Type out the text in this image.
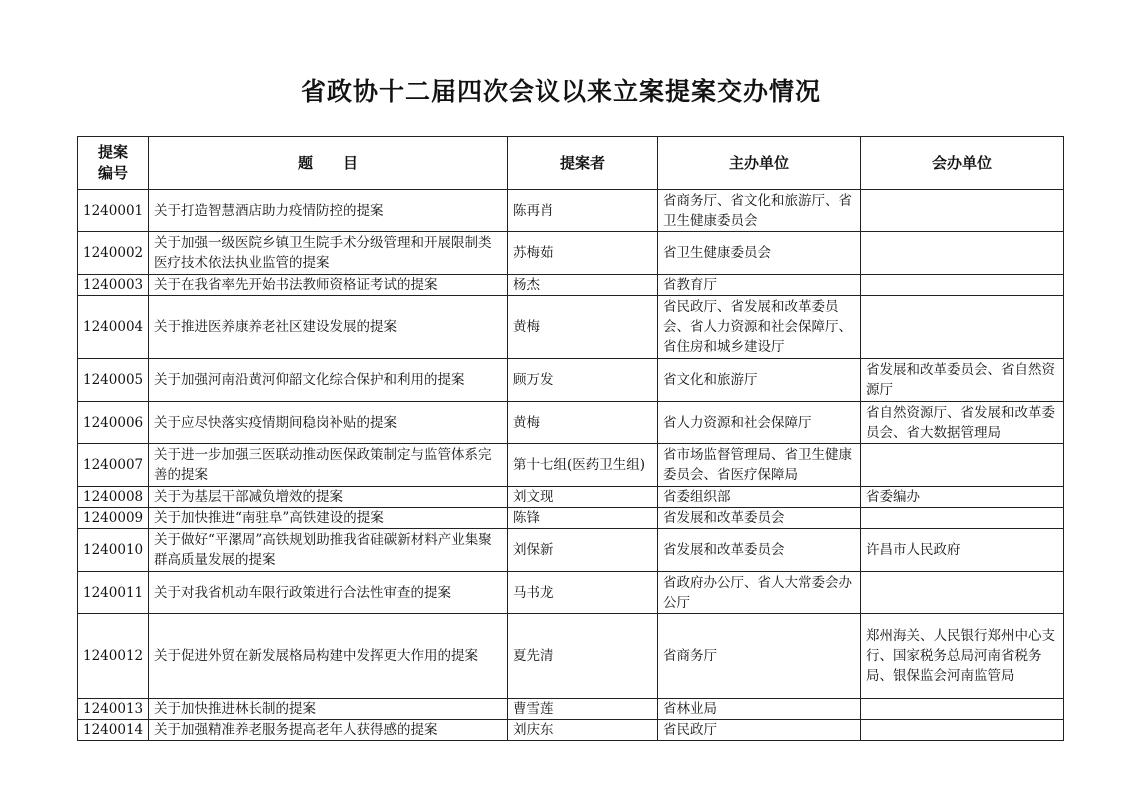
省政协十二届四次会议以来立案提案交办情况
提案
编号	题　　目	提案者	主办单位	会办单位
1240001	关于打造智慧酒店助力疫情防控的提案	陈再肖	省商务厅、省文化和旅游厅、省卫生健康委员会	
1240002	关于加强一级医院乡镇卫生院手术分级管理和开展限制类医疗技术依法执业监管的提案	苏梅茹	省卫生健康委员会	
1240003	关于在我省率先开始书法教师资格证考试的提案	杨杰	省教育厅	
1240004	关于推进医养康养老社区建设发展的提案	黄梅	省民政厅、省发展和改革委员会、省人力资源和社会保障厅、省住房和城乡建设厅	
1240005	关于加强河南沿黄河仰韶文化综合保护和利用的提案	顾万发	省文化和旅游厅	省发展和改革委员会、省自然资源厅
1240006	关于应尽快落实疫情期间稳岗补贴的提案	黄梅	省人力资源和社会保障厅	省自然资源厅、省发展和改革委员会、省大数据管理局
1240007	关于进一步加强三医联动推动医保政策制定与监管体系完善的提案	第十七组(医药卫生组)	省市场监督管理局、省卫生健康委员会、省医疗保障局	
1240008	关于为基层干部减负增效的提案	刘文现	省委组织部	省委编办
1240009	关于加快推进“南驻阜”高铁建设的提案	陈锋	省发展和改革委员会	
1240010	关于做好“平漯周”高铁规划助推我省硅碳新材料产业集聚群高质量发展的提案	刘保新	省发展和改革委员会	许昌市人民政府
1240011	关于对我省机动车限行政策进行合法性审查的提案	马书龙	省政府办公厅、省人大常委会办公厅	
1240012	关于促进外贸在新发展格局构建中发挥更大作用的提案	夏先清	省商务厅	郑州海关、人民银行郑州中心支行、国家税务总局河南省税务局、银保监会河南监管局
1240013	关于加快推进林长制的提案	曹雪莲	省林业局	
1240014	关于加强精准养老服务提高老年人获得感的提案	刘庆东	省民政厅	
